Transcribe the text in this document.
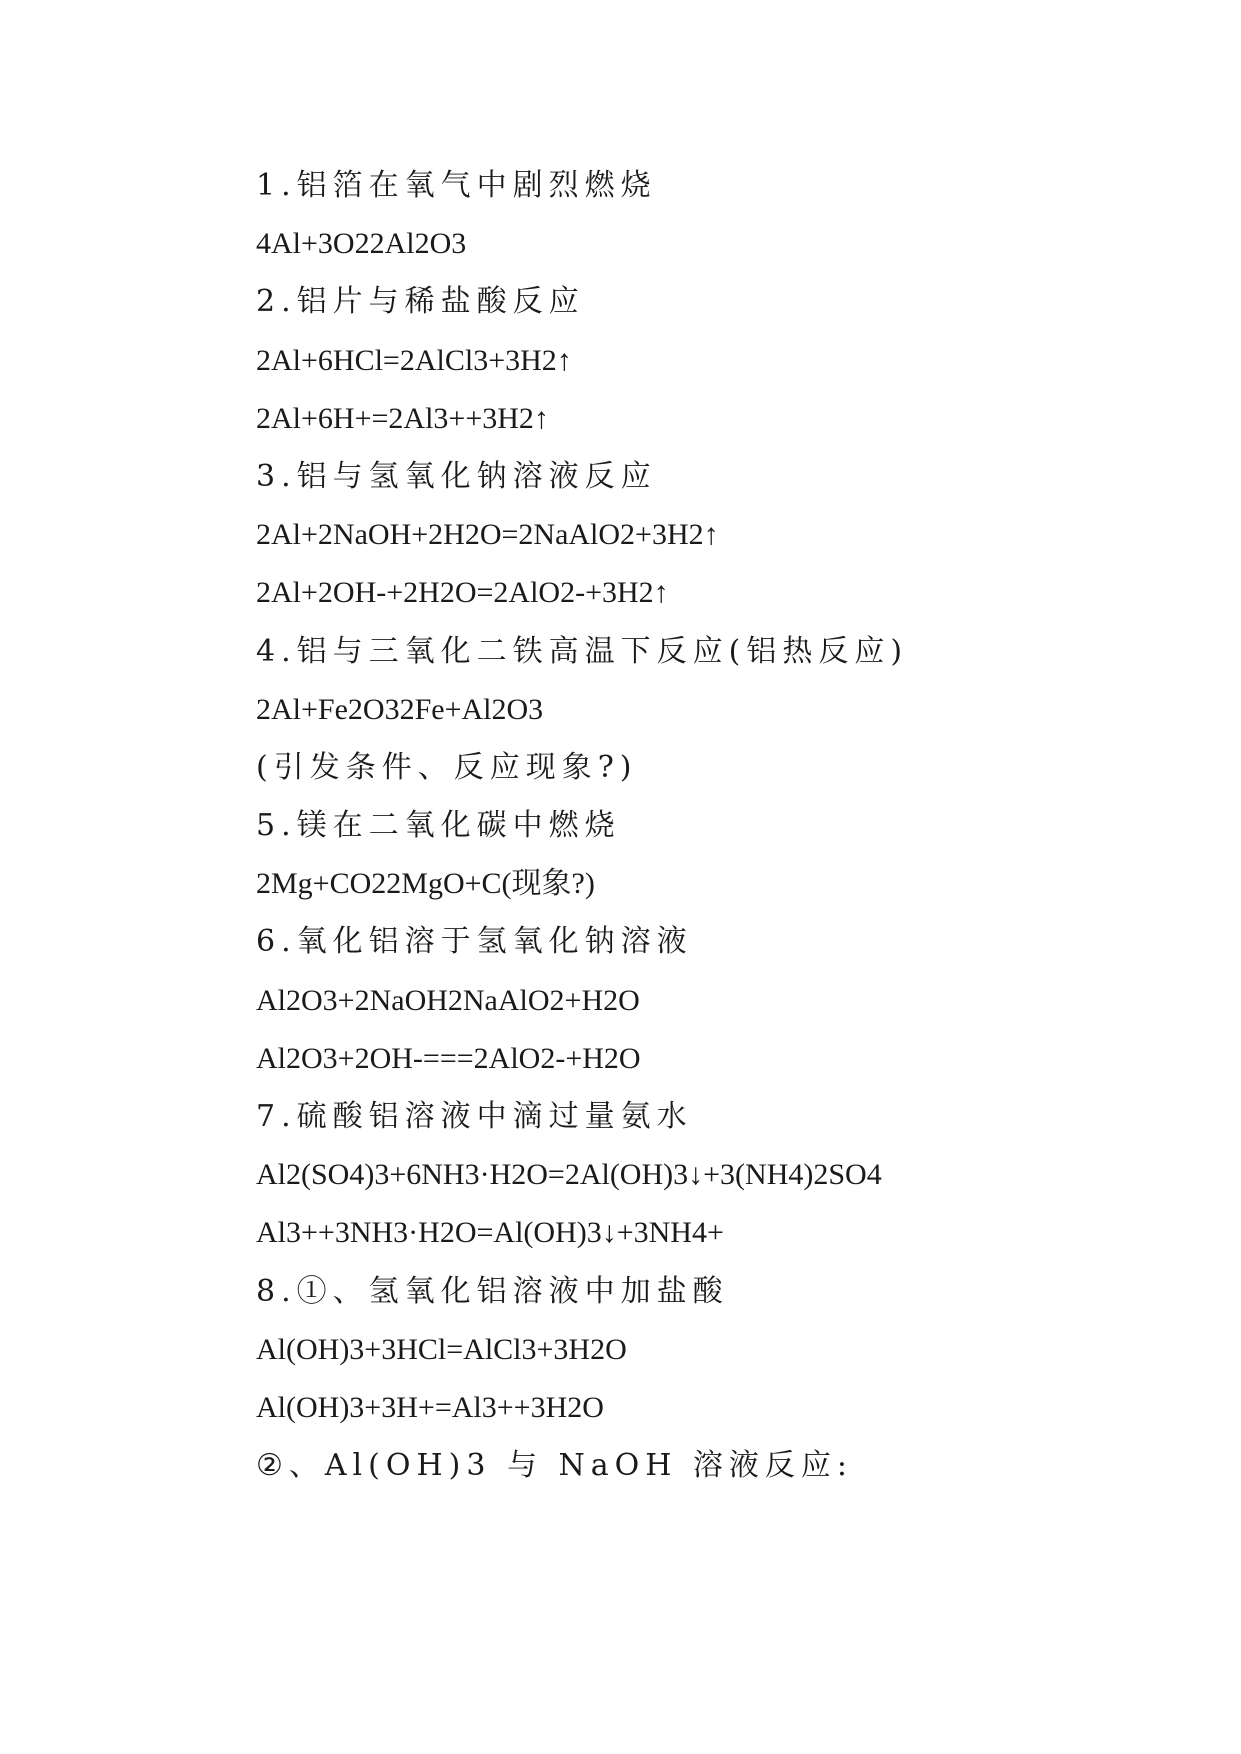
1.铝箔在氧气中剧烈燃烧
4Al+3O22Al2O3
2.铝片与稀盐酸反应
2Al+6HCl=2AlCl3+3H2↑
2Al+6H+=2Al3++3H2↑
3.铝与氢氧化钠溶液反应
2Al+2NaOH+2H2O=2NaAlO2+3H2↑
2Al+2OH-+2H2O=2AlO2-+3H2↑
4.铝与三氧化二铁高温下反应(铝热反应)
2Al+Fe2O32Fe+Al2O3
(引发条件、反应现象?)
5.镁在二氧化碳中燃烧
2Mg+CO22MgO+C(现象?)
6.氧化铝溶于氢氧化钠溶液
Al2O3+2NaOH2NaAlO2+H2O
Al2O3+2OH-===2AlO2-+H2O
7.硫酸铝溶液中滴过量氨水
Al2(SO4)3+6NH3·H2O=2Al(OH)3↓+3(NH4)2SO4
Al3++3NH3·H2O=Al(OH)3↓+3NH4+
8.①、氢氧化铝溶液中加盐酸
Al(OH)3+3HCl=AlCl3+3H2O
Al(OH)3+3H+=Al3++3H2O
②、Al(OH)3 与 NaOH 溶液反应:
